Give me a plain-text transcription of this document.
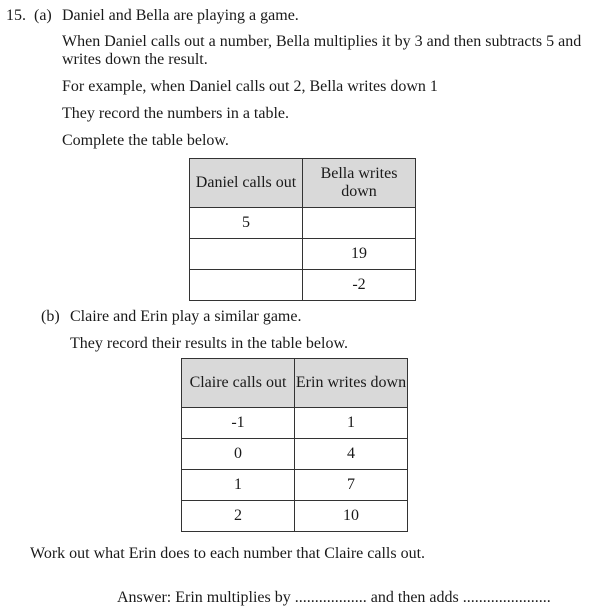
15. (a) Daniel and Bella are playing a game.
When Daniel calls out a number, Bella multiplies it by 3 and then subtracts 5 and writes down the result.
For example, when Daniel calls out 2, Bella writes down 1
They record the numbers in a table.
Complete the table below.
Daniel calls out	Bella writes down
5	
	19
	-2
(b) Claire and Erin play a similar game.
They record their results in the table below.
Claire calls out	Erin writes down
-1	1
0	4
1	7
2	10
Work out what Erin does to each number that Claire calls out.
Answer: Erin multiplies by .................. and then adds ......................
